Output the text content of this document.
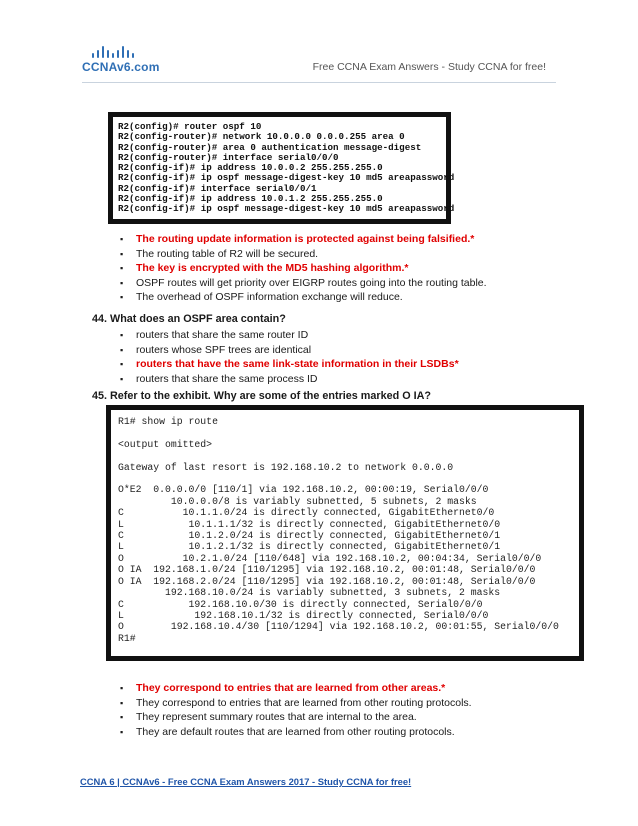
CCNAv6.com	Free CCNA Exam Answers - Study CCNA for free!
R2(config)# router ospf 10
R2(config-router)# network 10.0.0.0 0.0.0.255 area 0
R2(config-router)# area 0 authentication message-digest
R2(config-router)# interface serial0/0/0
R2(config-if)# ip address 10.0.0.2 255.255.255.0
R2(config-if)# ip ospf message-digest-key 10 md5 areapassword
R2(config-if)# interface serial0/0/1
R2(config-if)# ip address 10.0.1.2 255.255.255.0
R2(config-if)# ip ospf message-digest-key 10 md5 areapassword
▪ The routing update information is protected against being falsified.*
▪ The routing table of R2 will be secured.
▪ The key is encrypted with the MD5 hashing algorithm.*
▪ OSPF routes will get priority over EIGRP routes going into the routing table.
▪ The overhead of OSPF information exchange will reduce.
44. What does an OSPF area contain?
▪ routers that share the same router ID
▪ routers whose SPF trees are identical
▪ routers that have the same link-state information in their LSDBs*
▪ routers that share the same process ID
45. Refer to the exhibit. Why are some of the entries marked O IA?
R1# show ip route

<output omitted>

Gateway of last resort is 192.168.10.2 to network 0.0.0.0

O*E2  0.0.0.0/0 [110/1] via 192.168.10.2, 00:00:19, Serial0/0/0
10.0.0.0/8 is variably subnetted, 5 subnets, 2 masks
C          10.1.1.0/24 is directly connected, GigabitEthernet0/0
L           10.1.1.1/32 is directly connected, GigabitEthernet0/0
C           10.1.2.0/24 is directly connected, GigabitEthernet0/1
L           10.1.2.1/32 is directly connected, GigabitEthernet0/1
O          10.2.1.0/24 [110/648] via 192.168.10.2, 00:04:34, Serial0/0/0
O IA  192.168.1.0/24 [110/1295] via 192.168.10.2, 00:01:48, Serial0/0/0
O IA  192.168.2.0/24 [110/1295] via 192.168.10.2, 00:01:48, Serial0/0/0
192.168.10.0/24 is variably subnetted, 3 subnets, 2 masks
C           192.168.10.0/30 is directly connected, Serial0/0/0
L            192.168.10.1/32 is directly connected, Serial0/0/0
O        192.168.10.4/30 [110/1294] via 192.168.10.2, 00:01:55, Serial0/0/0
R1#
▪ They correspond to entries that are learned from other areas.*
▪ They correspond to entries that are learned from other routing protocols.
▪ They represent summary routes that are internal to the area.
▪ They are default routes that are learned from other routing protocols.
CCNA 6 | CCNAv6 - Free CCNA Exam Answers 2017 - Study CCNA for free!
